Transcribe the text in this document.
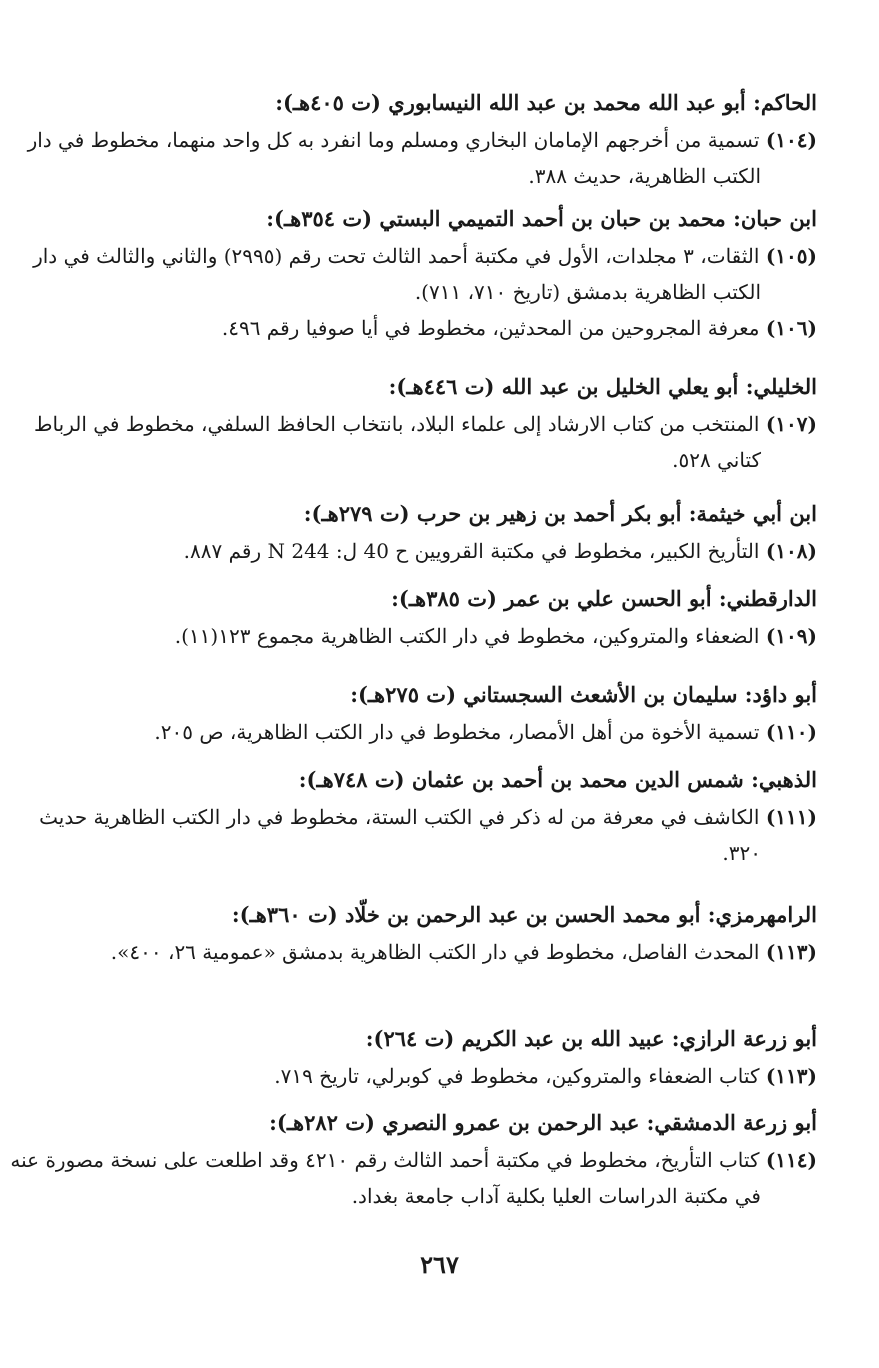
الحاكم: أبو عبد الله محمد بن عبد الله النيسابوري (ت ٤٠٥هـ):
(١٠٤) تسمية من أخرجهم الإمامان البخاري ومسلم وما انفرد به كل واحد منهما، مخطوط في دار الكتب الظاهرية، حديث ٣٨٨.
ابن حبان: محمد بن حبان بن أحمد التميمي البستي (ت ٣٥٤هـ):
(١٠٥) الثقات، ٣ مجلدات، الأول في مكتبة أحمد الثالث تحت رقم (٢٩٩٥) والثاني والثالث في دار الكتب الظاهرية بدمشق (تاريخ ٧١٠، ٧١١).
(١٠٦) معرفة المجروحين من المحدثين، مخطوط في أيا صوفيا رقم ٤٩٦.
الخليلي: أبو يعلي الخليل بن عبد الله (ت ٤٤٦هـ):
(١٠٧) المنتخب من كتاب الارشاد إلى علماء البلاد، بانتخاب الحافظ السلفي، مخطوط في الرباط كتاني ٥٢٨.
ابن أبي خيثمة: أبو بكر أحمد بن زهير بن حرب (ت ٢٧٩هـ):
(١٠٨) التأريخ الكبير، مخطوط في مكتبة القرويين ح 40 ل: N 244 رقم ٨٨٧.
الدارقطني: أبو الحسن علي بن عمر (ت ٣٨٥هـ):
(١٠٩) الضعفاء والمتروكين، مخطوط في دار الكتب الظاهرية مجموع ١٢٣(١١).
أبو داؤد: سليمان بن الأشعث السجستاني (ت ٢٧٥هـ):
(١١٠) تسمية الأخوة من أهل الأمصار، مخطوط في دار الكتب الظاهرية، ص ٢٠٥.
الذهبي: شمس الدين محمد بن أحمد بن عثمان (ت ٧٤٨هـ):
(١١١) الكاشف في معرفة من له ذكر في الكتب الستة، مخطوط في دار الكتب الظاهرية حديث ٣٢٠.
الرامهرمزي: أبو محمد الحسن بن عبد الرحمن بن خلّاد (ت ٣٦٠هـ):
(١١٣) المحدث الفاصل، مخطوط في دار الكتب الظاهرية بدمشق «عمومية ٢٦، ٤٠٠».
أبو زرعة الرازي: عبيد الله بن عبد الكريم (ت ٢٦٤):
(١١٣) كتاب الضعفاء والمتروكين، مخطوط في كوبرلي، تاريخ ٧١٩.
أبو زرعة الدمشقي: عبد الرحمن بن عمرو النصري (ت ٢٨٢هـ):
(١١٤) كتاب التأريخ، مخطوط في مكتبة أحمد الثالث رقم ٤٢١٠ وقد اطلعت على نسخة مصورة عنه في مكتبة الدراسات العليا بكلية آداب جامعة بغداد.
٢٦٧
